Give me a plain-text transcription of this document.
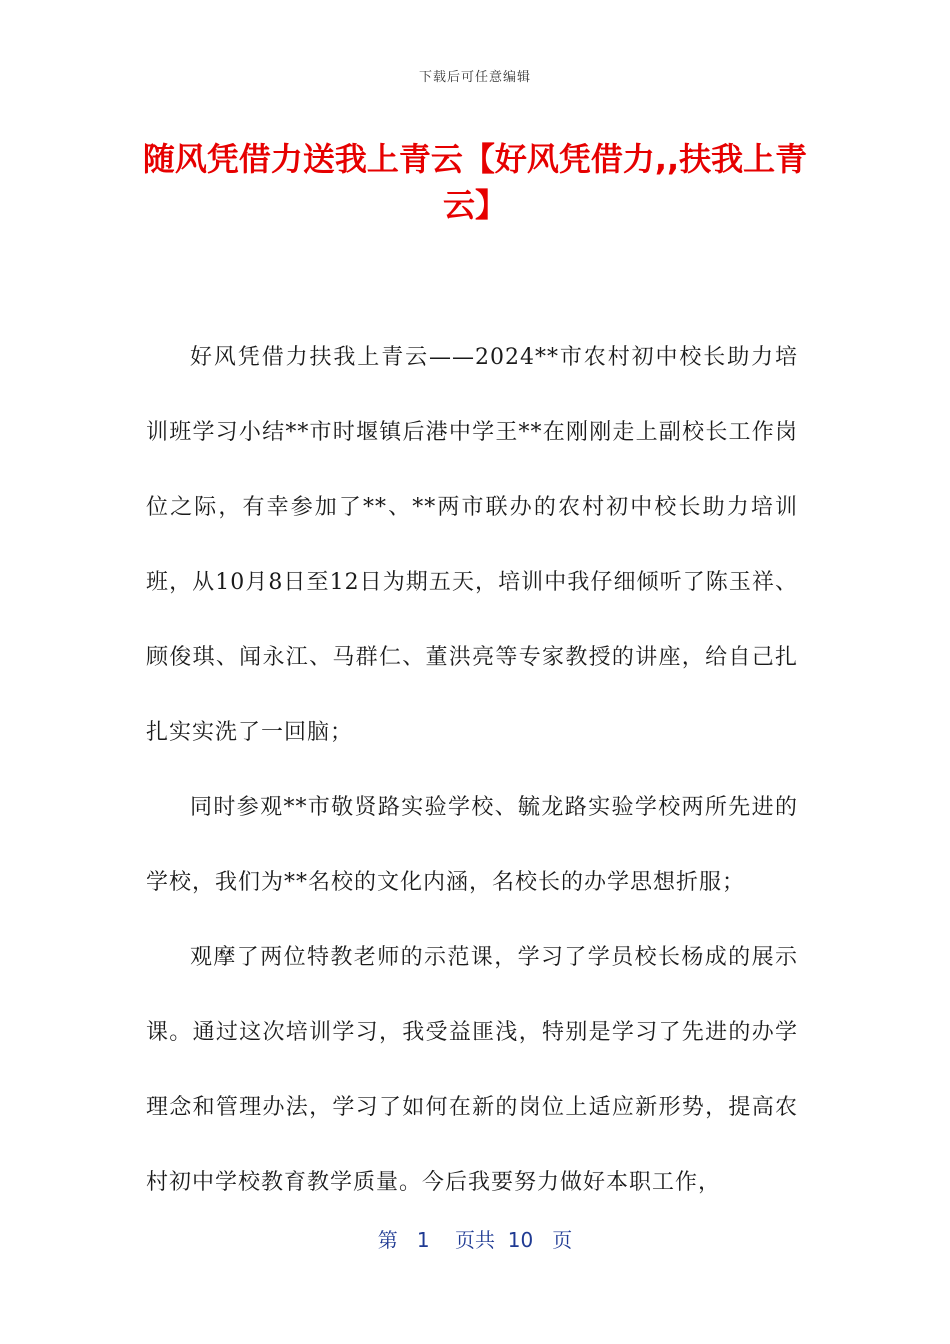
下载后可任意编辑
随风凭借力送我上青云【好风凭借力,,扶我上青云】

好风凭借力扶我上青云——2024**市农村初中校长助力培训班学习小结**市时堰镇后港中学王**在刚刚走上副校长工作岗位之际，有幸参加了**、**两市联办的农村初中校长助力培训班，从10月8日至12日为期五天，培训中我仔细倾听了陈玉祥、顾俊琪、闻永江、马群仁、董洪亮等专家教授的讲座，给自己扎扎实实洗了一回脑；

同时参观**市敬贤路实验学校、毓龙路实验学校两所先进的学校，我们为**名校的文化内涵，名校长的办学思想折服；

观摩了两位特教老师的示范课，学习了学员校长杨成的展示课。通过这次培训学习，我受益匪浅，特别是学习了先进的办学理念和管理办法，学习了如何在新的岗位上适应新形势，提高农村初中学校教育教学质量。今后我要努力做好本职工作，

第 1 页共 10 页
